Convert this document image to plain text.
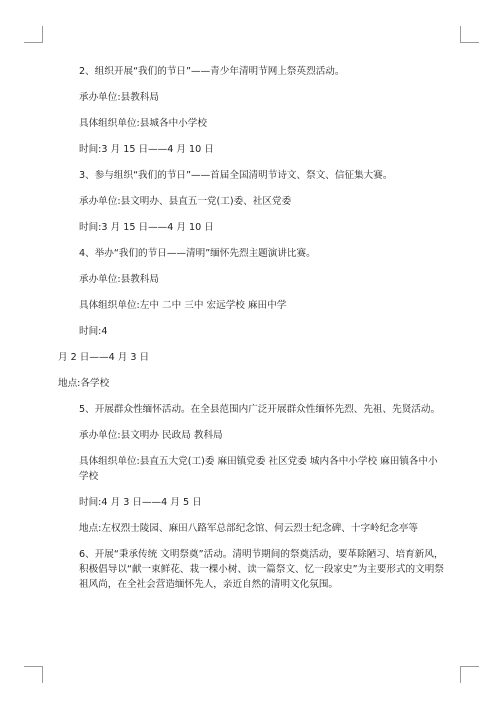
2、组织开展“我们的节日”——青少年清明节网上祭英烈活动。

承办单位:县教科局

具体组织单位:县城各中小学校

时间:3 月 15 日——4 月 10 日

3、参与组织“我们的节日”——首届全国清明节诗文、祭文、信征集大赛。

承办单位:县文明办、县直五一党(工)委、社区党委

时间:3 月 15 日——4 月 10 日

4、举办“我们的节日——清明”缅怀先烈主题演讲比赛。

承办单位:县教科局

具体组织单位:左中 二中 三中 宏远学校 麻田中学

时间:4

月 2 日——4 月 3 日

地点:各学校

5、开展群众性缅怀活动。在全县范围内广泛开展群众性缅怀先烈、先祖、先贤活动。

承办单位:县文明办 民政局 教科局

具体组织单位:县直五大党(工)委 麻田镇党委 社区党委 城内各中小学校 麻田镇各中小学校

时间:4 月 3 日——4 月 5 日

地点:左权烈士陵园、麻田八路军总部纪念馆、何云烈士纪念碑、十字岭纪念亭等

6、开展“秉承传统 文明祭奠”活动。清明节期间的祭奠活动，要革除陋习、培育新风，积极倡导以“献一束鲜花、栽一棵小树、读一篇祭文、忆一段家史”为主要形式的文明祭祖风尚，在全社会营造缅怀先人，亲近自然的清明文化氛围。
